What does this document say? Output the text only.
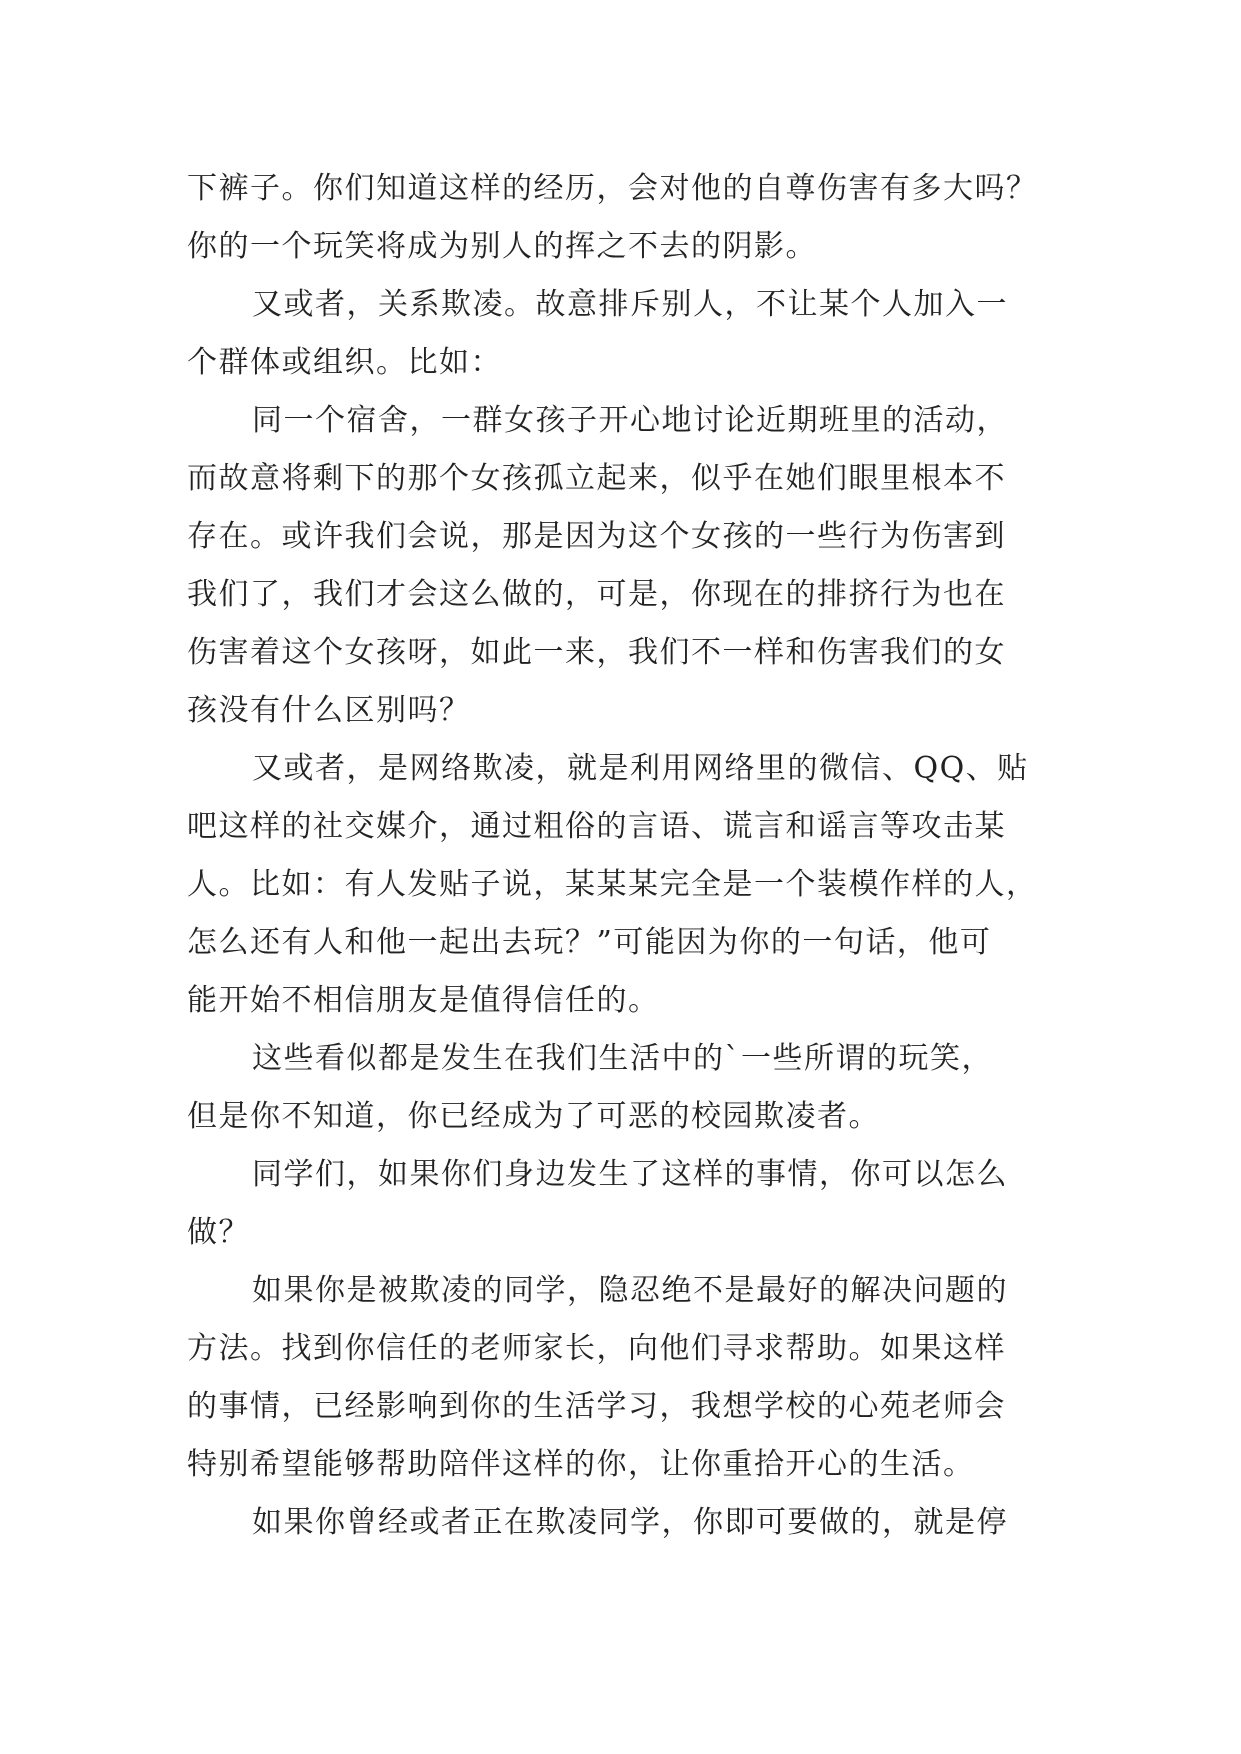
下裤子。你们知道这样的经历，会对他的自尊伤害有多大吗？
你的一个玩笑将成为别人的挥之不去的阴影。
又或者，关系欺凌。故意排斥别人，不让某个人加入一
个群体或组织。比如：
同一个宿舍，一群女孩子开心地讨论近期班里的活动，
而故意将剩下的那个女孩孤立起来，似乎在她们眼里根本不
存在。或许我们会说，那是因为这个女孩的一些行为伤害到
我们了，我们才会这么做的，可是，你现在的排挤行为也在
伤害着这个女孩呀，如此一来，我们不一样和伤害我们的女
孩没有什么区别吗？
又或者，是网络欺凌，就是利用网络里的微信、QQ、贴
吧这样的社交媒介，通过粗俗的言语、谎言和谣言等攻击某
人。比如：有人发贴子说，某某某完全是一个装模作样的人，
怎么还有人和他一起出去玩？”可能因为你的一句话，他可
能开始不相信朋友是值得信任的。
这些看似都是发生在我们生活中的`一些所谓的玩笑，
但是你不知道，你已经成为了可恶的校园欺凌者。
同学们，如果你们身边发生了这样的事情，你可以怎么
做？
如果你是被欺凌的同学，隐忍绝不是最好的解决问题的
方法。找到你信任的老师家长，向他们寻求帮助。如果这样
的事情，已经影响到你的生活学习，我想学校的心苑老师会
特别希望能够帮助陪伴这样的你，让你重拾开心的生活。
如果你曾经或者正在欺凌同学，你即可要做的，就是停
